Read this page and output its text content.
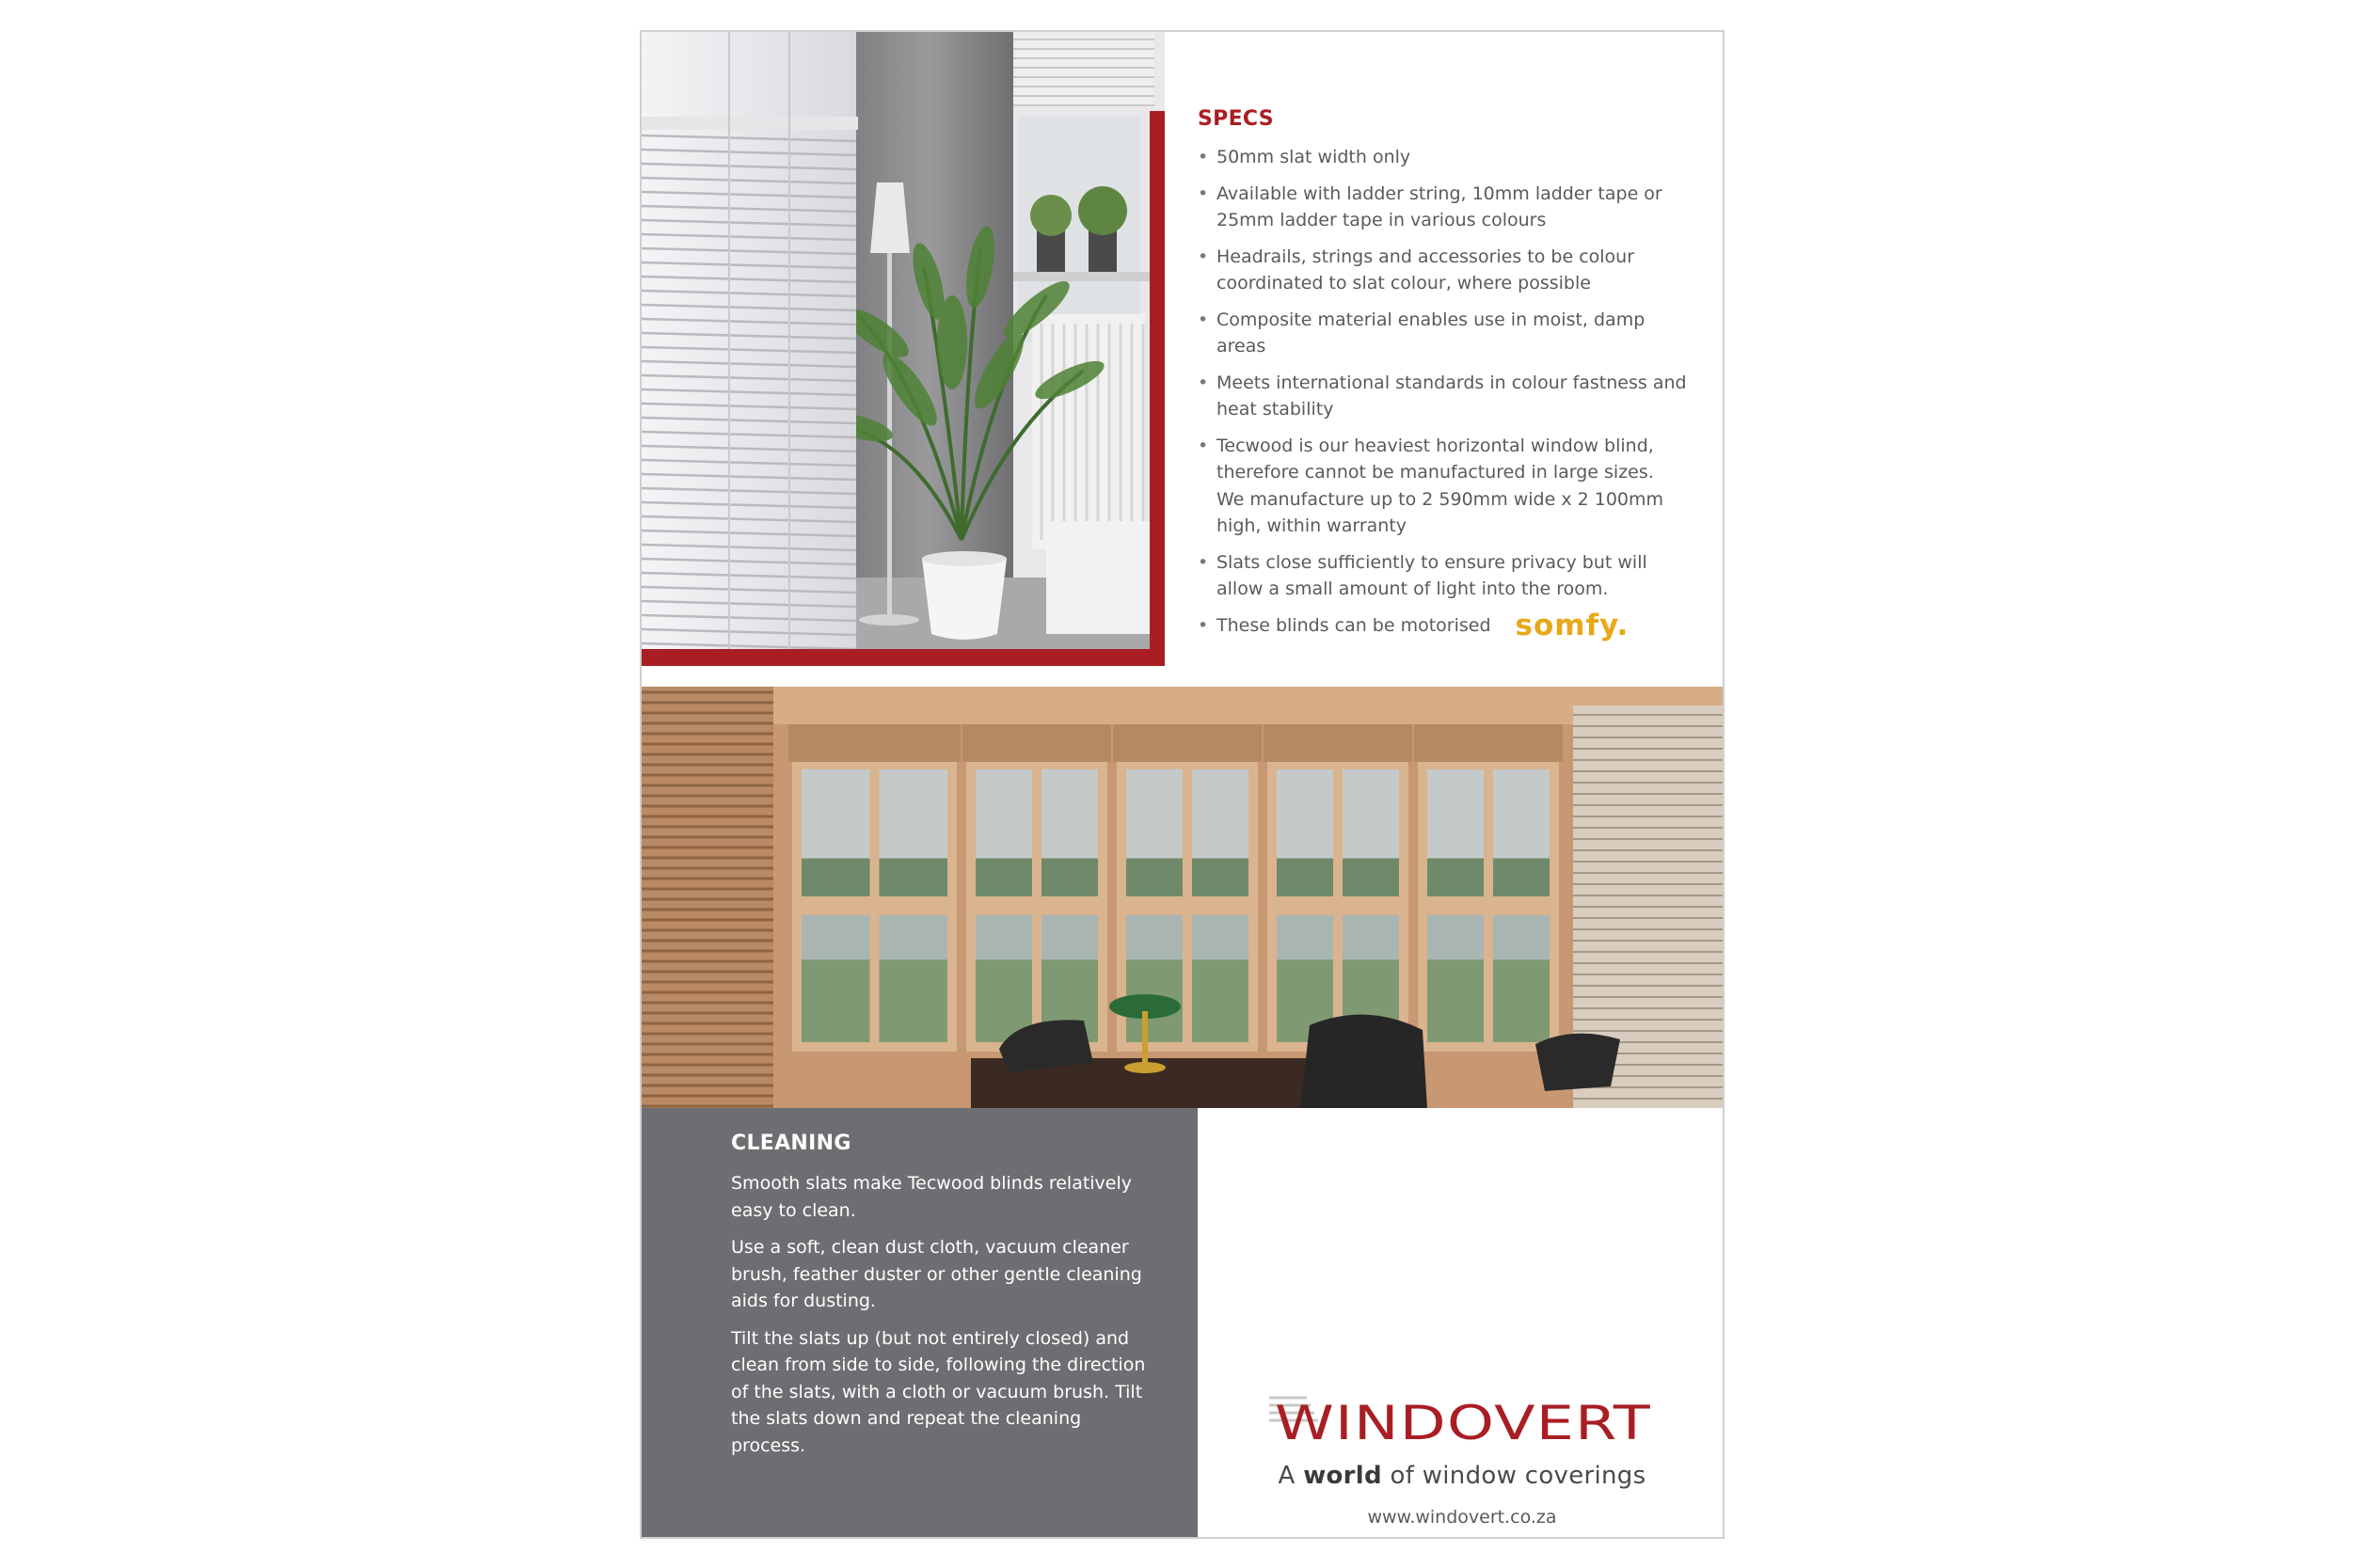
SPECS
• 50mm slat width only
• Available with ladder string, 10mm ladder tape or 25mm ladder tape in various colours
• Headrails, strings and accessories to be colour coordinated to slat colour, where possible
• Composite material enables use in moist, damp areas
• Meets international standards in colour fastness and heat stability
• Tecwood is our heaviest horizontal window blind, therefore cannot be manufactured in large sizes. We manufacture up to 2 590mm wide x 2 100mm high, within warranty
• Slats close sufficiently to ensure privacy but will allow a small amount of light into the room.
• These blinds can be motorised somfy.
CLEANING

Smooth slats make Tecwood blinds relatively easy to clean.

Use a soft, clean dust cloth, vacuum cleaner brush, feather duster or other gentle cleaning aids for dusting.

Tilt the slats up (but not entirely closed) and clean from side to side, following the direction of the slats, with a cloth or vacuum brush. Tilt the slats down and repeat the cleaning process.	WINDOVERT
A world of window coverings
www.windovert.co.za
